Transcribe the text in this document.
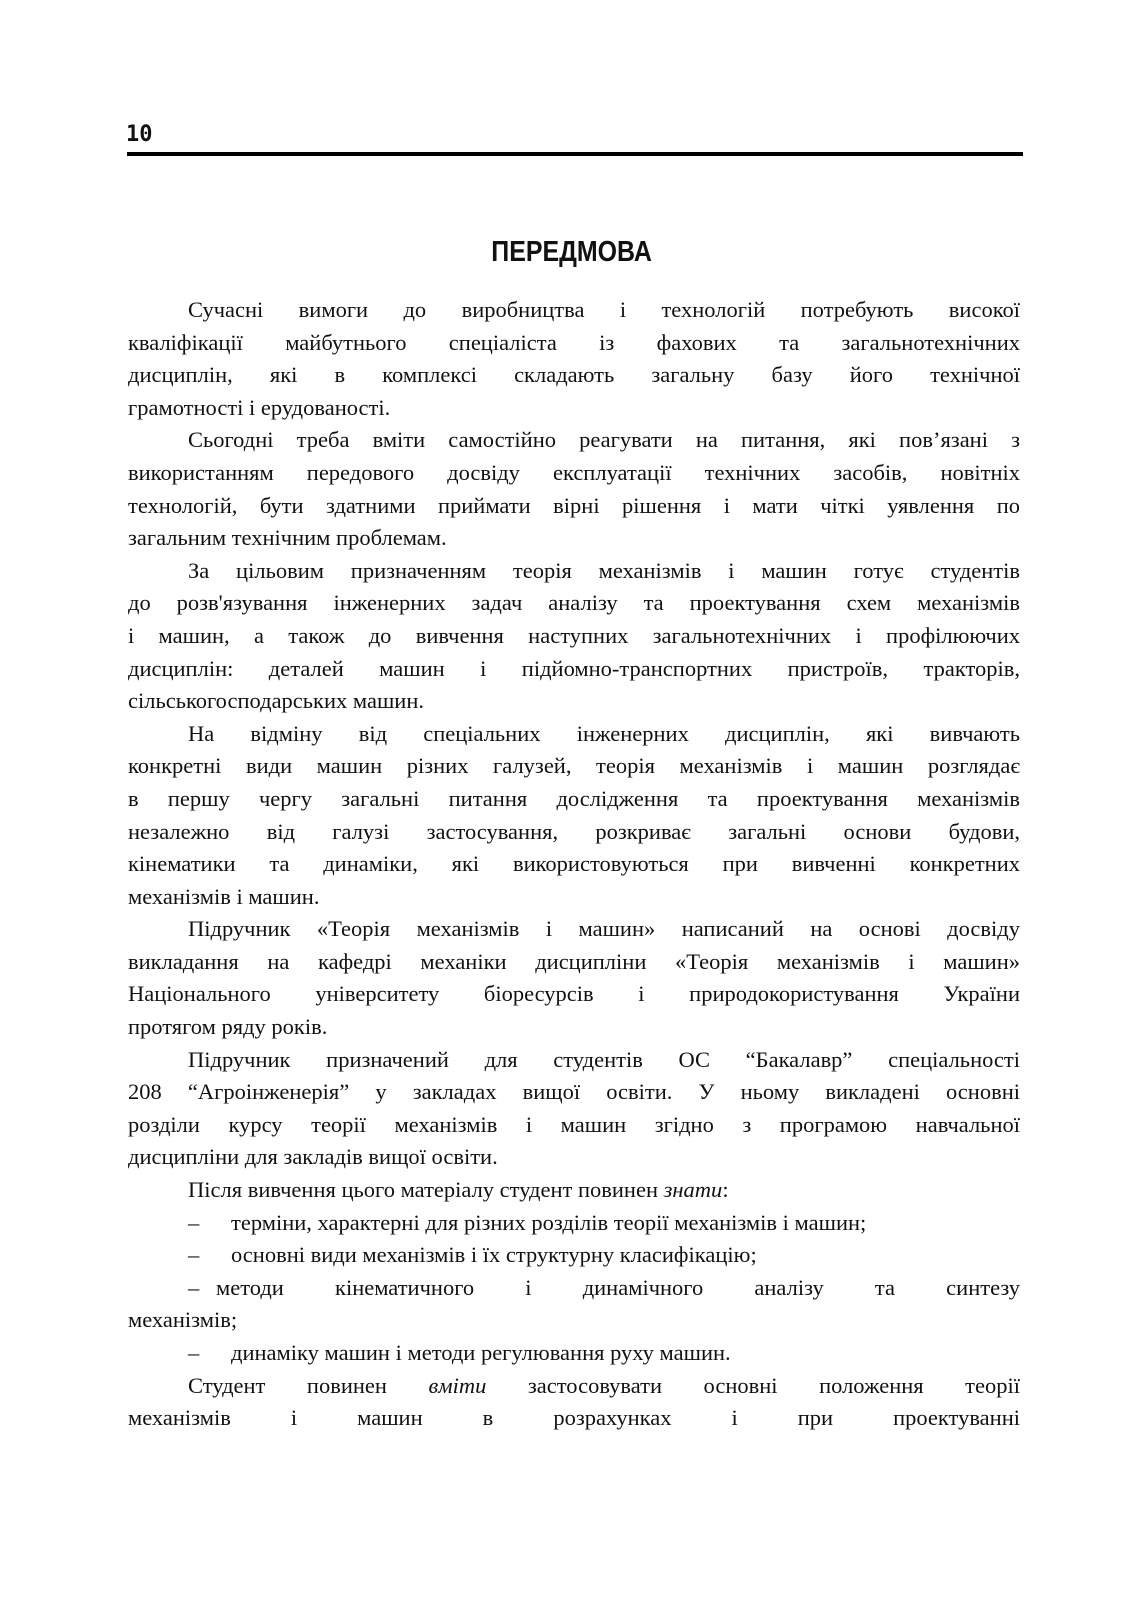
10
ПЕРЕДМОВА
Сучасні вимоги до виробництва і технологій потребують високої
кваліфікації майбутнього спеціаліста із фахових та загальнотехнічних
дисциплін, які в комплексі складають загальну базу його технічної
грамотності і ерудованості.
Сьогодні треба вміти самостійно реагувати на питання, які пов’язані з
використанням передового досвіду експлуатації технічних засобів, новітніх
технологій, бути здатними приймати вірні рішення і мати чіткі уявлення по
загальним технічним проблемам.
За цільовим призначенням теорія механізмів і машин готує студентів
до розв'язування інженерних задач аналізу та проектування схем механізмів
і машин, а також до вивчення наступних загальнотехнічних і профілюючих
дисциплін: деталей машин і підйомно-транспортних пристроїв, тракторів,
сільськогосподарських машин.
На відміну від спеціальних інженерних дисциплін, які вивчають
конкретні види машин різних галузей, теорія механізмів і машин розглядає
в першу чергу загальні питання дослідження та проектування механізмів
незалежно від галузі застосування, розкриває загальні основи будови,
кінематики та динаміки, які використовуються при вивченні конкретних
механізмів і машин.
Підручник «Теорія механізмів і машин» написаний на основі досвіду
викладання на кафедрі механіки дисципліни «Теорія механізмів і машин»
Національного університету біоресурсів і природокористування України
протягом ряду років.
Підручник призначений для студентів ОС “Бакалавр” спеціальності
208 “Агроінженерія” у закладах вищої освіти. У ньому викладені основні
розділи курсу теорії механізмів і машин згідно з програмою навчальної
дисципліни для закладів вищої освіти.
Після вивчення цього матеріалу студент повинен знати:
–	терміни, характерні для різних розділів теорії механізмів і машин;
–	основні види механізмів і їх структурну класифікацію;
– методи кінематичного і динамічного аналізу та синтезу
механізмів;
–	динаміку машин і методи регулювання руху машин.
Студент повинен вміти застосовувати основні положення теорії
механізмів і машин в розрахунках і при проектуванні
